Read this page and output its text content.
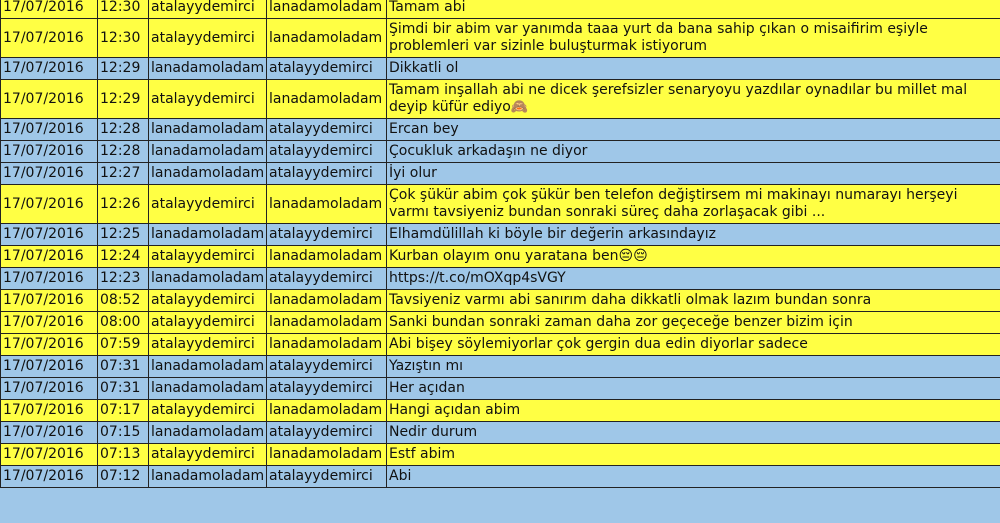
17/07/2016	12:30	atalayydemirci	lanadamoladam	Tamam abi
17/07/2016	12:30	atalayydemirci	lanadamoladam	Şimdi bir abim var yanımda taaa yurt da bana sahip çıkan o misaifirim eşiyle problemleri var sizinle buluşturmak istiyorum
17/07/2016	12:29	lanadamoladam	atalayydemirci	Dikkatli ol
17/07/2016	12:29	atalayydemirci	lanadamoladam	Tamam inşallah abi ne dicek şerefsizler senaryoyu yazdılar oynadılar bu millet mal deyip küfür ediyo🙈
17/07/2016	12:28	lanadamoladam	atalayydemirci	Ercan bey
17/07/2016	12:28	lanadamoladam	atalayydemirci	Çocukluk arkadaşın ne diyor
17/07/2016	12:27	lanadamoladam	atalayydemirci	İyi olur
17/07/2016	12:26	atalayydemirci	lanadamoladam	Çok şükür abim çok şükür ben telefon değiştirsem mi makinayı numarayı herşeyi varmı tavsiyeniz bundan sonraki süreç daha zorlaşacak gibi ...
17/07/2016	12:25	lanadamoladam	atalayydemirci	Elhamdülillah ki böyle bir değerin arkasındayız
17/07/2016	12:24	atalayydemirci	lanadamoladam	Kurban olayım onu yaratana ben😔😔
17/07/2016	12:23	lanadamoladam	atalayydemirci	https://t.co/mOXqp4sVGY
17/07/2016	08:52	atalayydemirci	lanadamoladam	Tavsiyeniz varmı abi sanırım daha dikkatli olmak lazım bundan sonra
17/07/2016	08:00	atalayydemirci	lanadamoladam	Sanki bundan sonraki zaman daha zor geçeceğe benzer bizim için
17/07/2016	07:59	atalayydemirci	lanadamoladam	Abi bişey söylemiyorlar çok gergin dua edin diyorlar sadece
17/07/2016	07:31	lanadamoladam	atalayydemirci	Yazıştın mı
17/07/2016	07:31	lanadamoladam	atalayydemirci	Her açıdan
17/07/2016	07:17	atalayydemirci	lanadamoladam	Hangi açıdan abim
17/07/2016	07:15	lanadamoladam	atalayydemirci	Nedir durum
17/07/2016	07:13	atalayydemirci	lanadamoladam	Estf abim
17/07/2016	07:12	lanadamoladam	atalayydemirci	Abi
